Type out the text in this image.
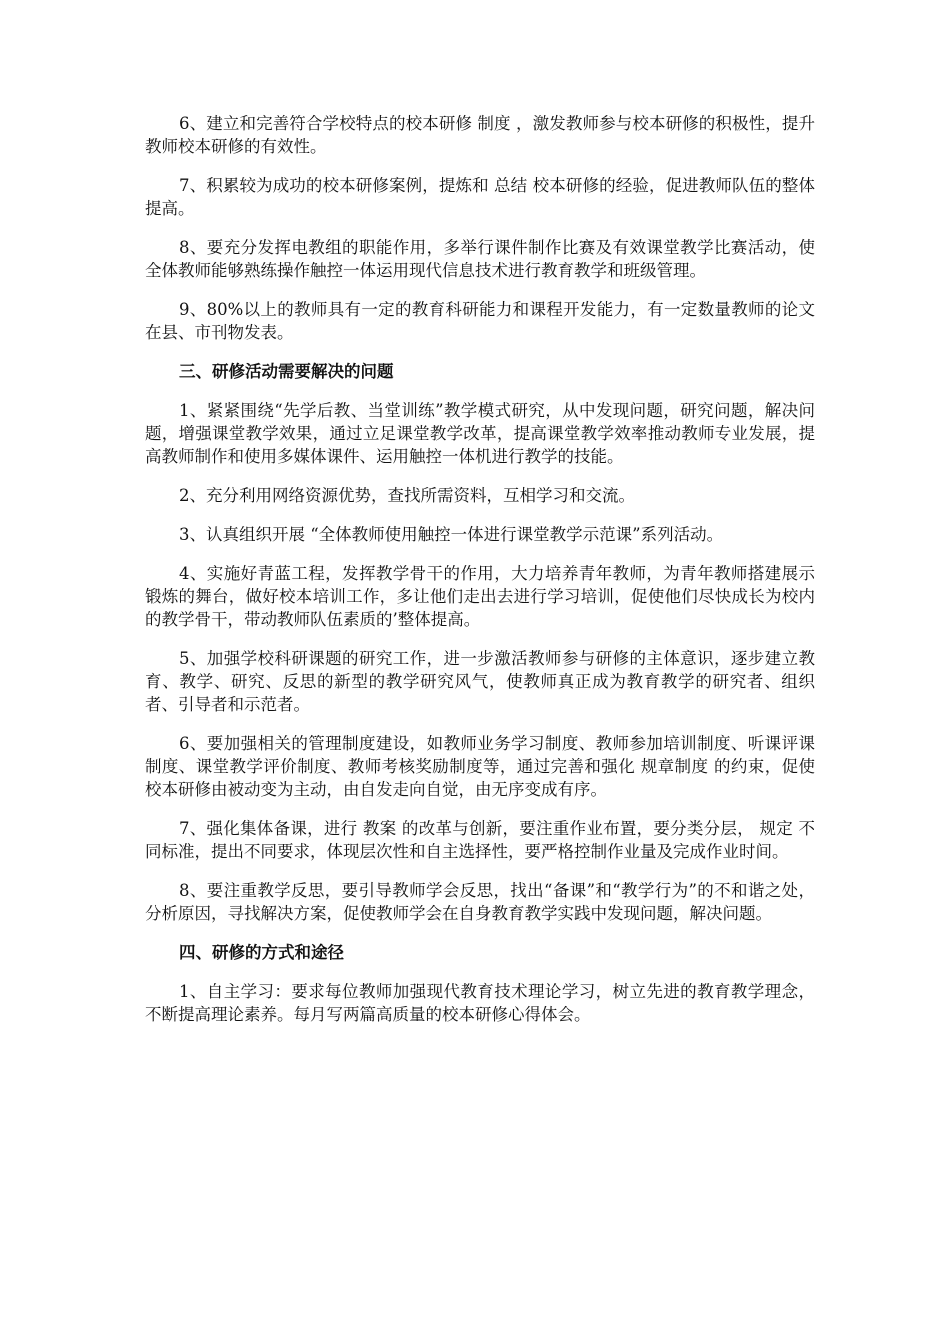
6、建立和完善符合学校特点的校本研修 制度 ，激发教师参与校本研修的积极性，提升教师校本研修的有效性。

7、积累较为成功的校本研修案例，提炼和 总结 校本研修的经验，促进教师队伍的整体提高。

8、要充分发挥电教组的职能作用，多举行课件制作比赛及有效课堂教学比赛活动，使全体教师能够熟练操作触控一体运用现代信息技术进行教育教学和班级管理。

9、80%以上的教师具有一定的教育科研能力和课程开发能力，有一定数量教师的论文在县、市刊物发表。

三、研修活动需要解决的问题

1、紧紧围绕“先学后教、当堂训练”教学模式研究，从中发现问题，研究问题，解决问题，增强课堂教学效果，通过立足课堂教学改革，提高课堂教学效率推动教师专业发展，提高教师制作和使用多媒体课件、运用触控一体机进行教学的技能。

2、充分利用网络资源优势，查找所需资料，互相学习和交流。

3、认真组织开展 “全体教师使用触控一体进行课堂教学示范课”系列活动。

4、实施好青蓝工程，发挥教学骨干的作用，大力培养青年教师，为青年教师搭建展示锻炼的舞台，做好校本培训工作，多让他们走出去进行学习培训，促使他们尽快成长为校内的教学骨干，带动教师队伍素质的’整体提高。

5、加强学校科研课题的研究工作，进一步激活教师参与研修的主体意识，逐步建立教育、教学、研究、反思的新型的教学研究风气，使教师真正成为教育教学的研究者、组织者、引导者和示范者。

6、要加强相关的管理制度建设，如教师业务学习制度、教师参加培训制度、听课评课制度、课堂教学评价制度、教师考核奖励制度等，通过完善和强化 规章制度 的约束，促使校本研修由被动变为主动，由自发走向自觉，由无序变成有序。

7、强化集体备课，进行 教案 的改革与创新，要注重作业布置，要分类分层， 规定 不同标准，提出不同要求，体现层次性和自主选择性，要严格控制作业量及完成作业时间。

8、要注重教学反思，要引导教师学会反思，找出“备课”和“教学行为”的不和谐之处，分析原因，寻找解决方案，促使教师学会在自身教育教学实践中发现问题，解决问题。

四、研修的方式和途径

1、自主学习：要求每位教师加强现代教育技术理论学习，树立先进的教育教学理念，不断提高理论素养。每月写两篇高质量的校本研修心得体会。
